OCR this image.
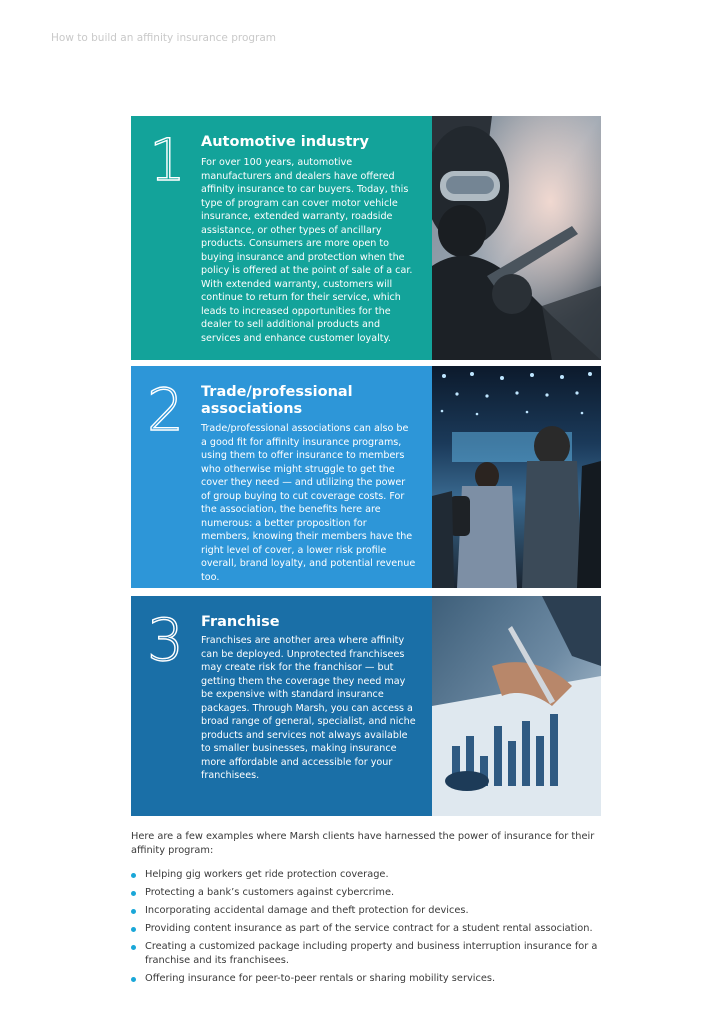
How to build an affinity insurance program
1 Automotive industry

For over 100 years, automotive manufacturers and dealers have offered affinity insurance to car buyers. Today, this type of program can cover motor vehicle insurance, extended warranty, roadside assistance, or other types of ancillary products. Consumers are more open to buying insurance and protection when the policy is offered at the point of sale of a car. With extended warranty, customers will continue to return for their service, which leads to increased opportunities for the dealer to sell additional products and services and enhance customer loyalty.

2 Trade/professional associations

Trade/professional associations can also be a good fit for affinity insurance programs, using them to offer insurance to members who otherwise might struggle to get the cover they need — and utilizing the power of group buying to cut coverage costs. For the association, the benefits here are numerous: a better proposition for members, knowing their members have the right level of cover, a lower risk profile overall, brand loyalty, and potential revenue too.

3 Franchise

Franchises are another area where affinity can be deployed. Unprotected franchisees may create risk for the franchisor — but getting them the coverage they need may be expensive with standard insurance packages. Through Marsh, you can access a broad range of general, specialist, and niche products and services not always available to smaller businesses, making insurance more affordable and accessible for your franchisees.

Here are a few examples where Marsh clients have harnessed the power of insurance for their affinity program:

Helping gig workers get ride protection coverage.
Protecting a bank’s customers against cybercrime.
Incorporating accidental damage and theft protection for devices.
Providing content insurance as part of the service contract for a student rental association.
Creating a customized package including property and business interruption insurance for a franchise and its franchisees.
Offering insurance for peer-to-peer rentals or sharing mobility services.
